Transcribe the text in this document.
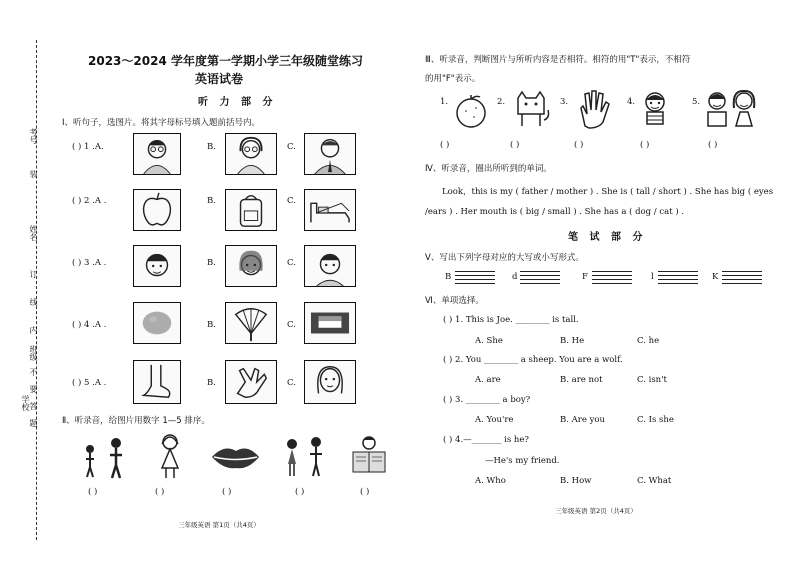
考号
装
姓名
订
线
内
班级
不
要
答
题
学校
2023～2024 学年度第一学期小学三年级随堂练习
英语试卷
听 力 部 分
Ⅰ、听句子，选图片。将其字母标号填入题前括号内。
( ) 1 .A.	B.	C.
( ) 2 .A .	B.	C.
( ) 3 .A .	B.	C.
( ) 4 .A .	B.	C.
( ) 5 .A .	B.	C.
Ⅱ、听录音，给图片用数字 1—5 排序。
( )	( )	( )	( )	( )
三年级英语 第1页（共4页）
Ⅲ、听录音，判断图片与所听内容是否相符。相符的用"T"表示，不相符
的用"F"表示。
1.	2.	3.	4.	5.
( )	( )	( )	( )	( )
Ⅳ、听录音，圈出所听到的单词。
Look，this is my ( father / mother ) . She is ( tall / short ) . She has big ( eyes
/ears ) . Her mouth is ( big / small ) . She has a ( dog / cat ) .
笔 试 部 分
Ⅴ、写出下列字母对应的大写或小写形式。
B	d	F	l	K
Ⅵ、单项选择。
( ) 1. This is Joe. ________ is tall.
A. She	B. He	C. he
( ) 2. You ________ a sheep. You are a wolf.
A. are	B. are not	C. isn't
( ) 3. ________ a boy?
A. You're	B. Are you	C. Is she
( ) 4.—_______ is he?
—He's my friend.
A. Who	B. How	C. What
三年级英语 第2页（共4页）
